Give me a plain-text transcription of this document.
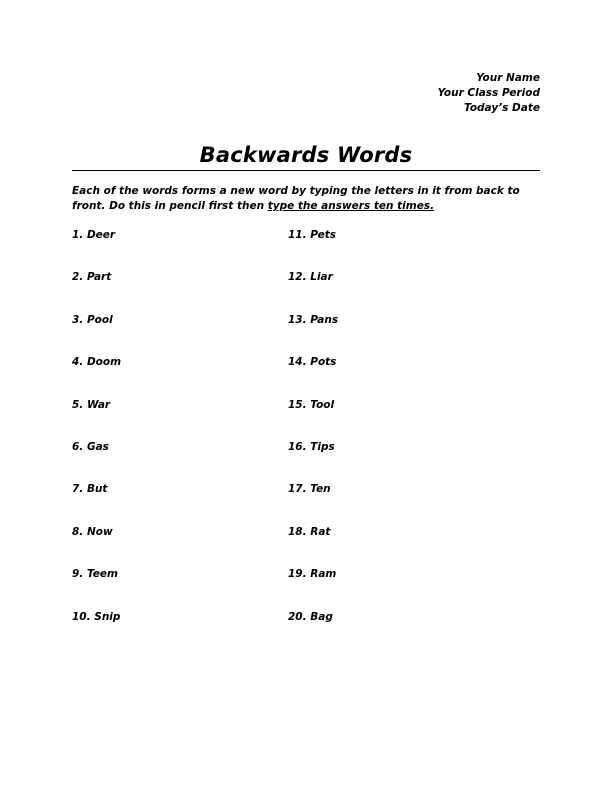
Your Name
Your Class Period
Today’s Date
Backwards Words
Each of the words forms a new word by typing the letters in it from back to front. Do this in pencil first then type the answers ten times.
1. Deer
2. Part
3. Pool
4. Doom
5. War
6. Gas
7. But
8. Now
9. Teem
10. Snip
11. Pets
12. Liar
13. Pans
14. Pots
15. Tool
16. Tips
17. Ten
18. Rat
19. Ram
20. Bag
